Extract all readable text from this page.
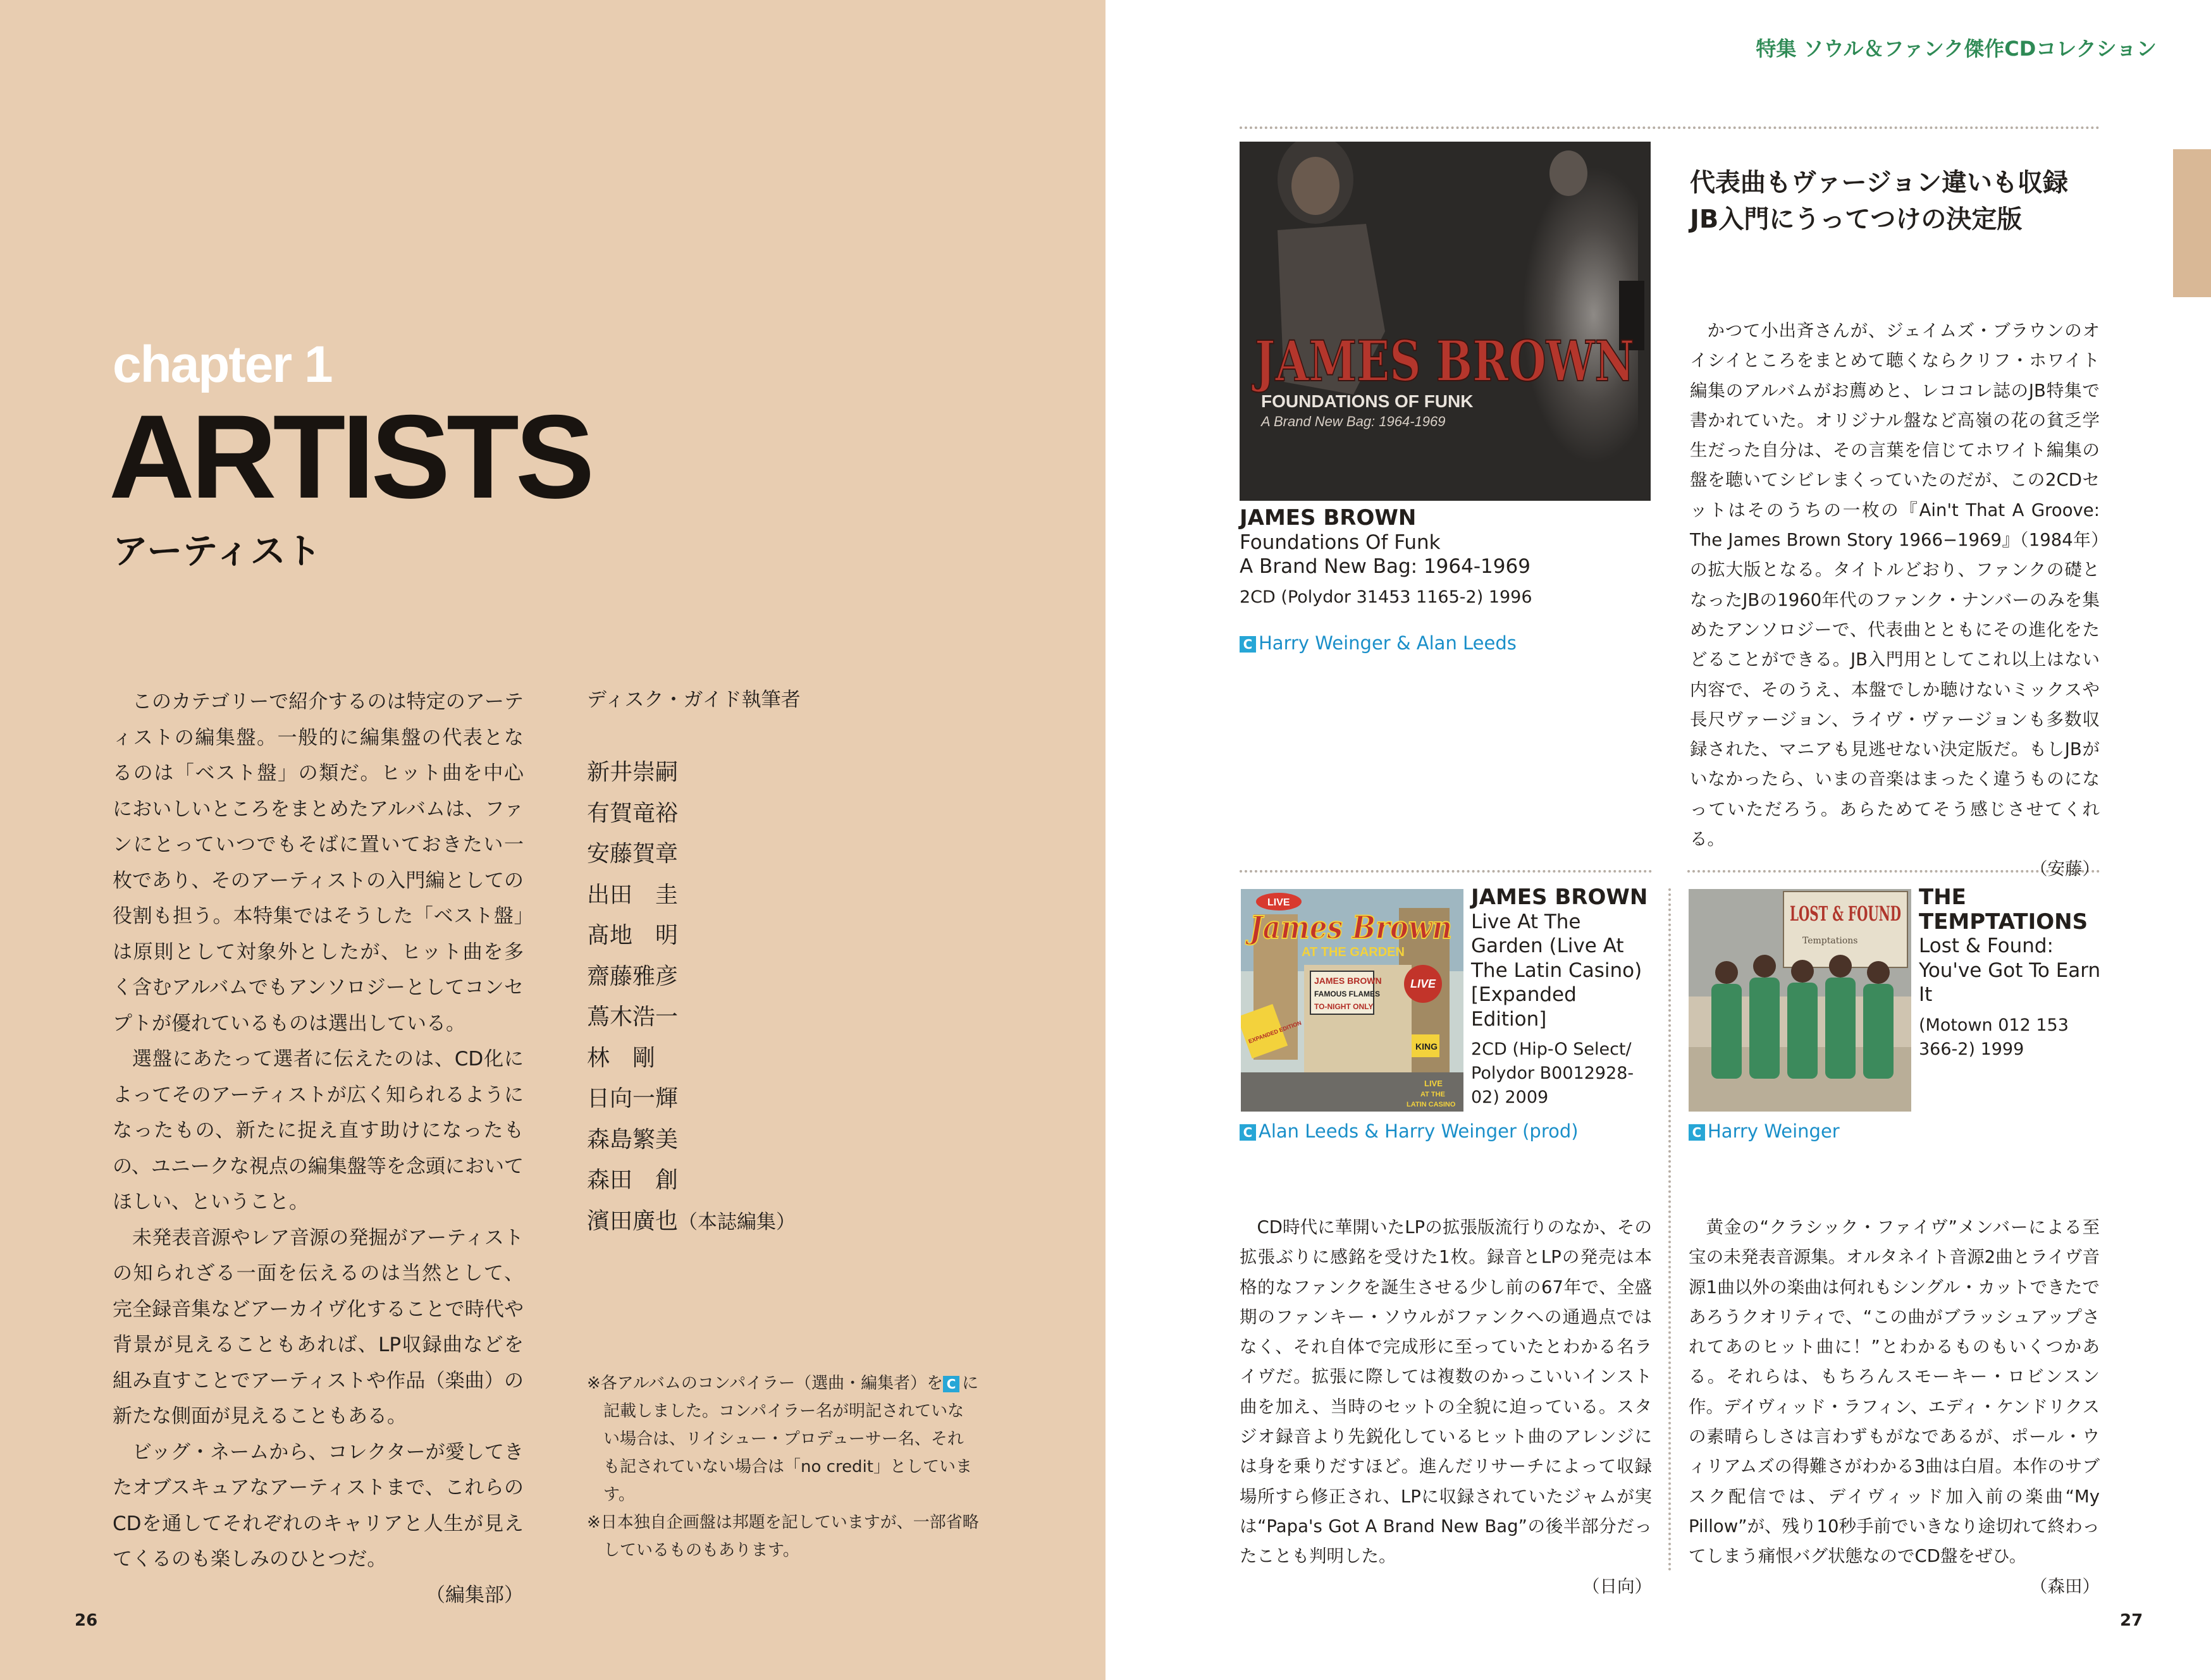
chapter 1
ARTISTS
アーティスト

このカテゴリーで紹介するのは特定のアーティストの編集盤。一般的に編集盤の代表となるのは「ベスト盤」の類だ。ヒット曲を中心においしいところをまとめたアルバムは、ファンにとっていつでもそばに置いておきたい一枚であり、そのアーティストの入門編としての役割も担う。本特集ではそうした「ベスト盤」は原則として対象外としたが、ヒット曲を多く含むアルバムでもアンソロジーとしてコンセプトが優れているものは選出している。

選盤にあたって選者に伝えたのは、CD化によってそのアーティストが広く知られるようになったもの、新たに捉え直す助けになったもの、ユニークな視点の編集盤等を念頭においてほしい、ということ。

未発表音源やレア音源の発掘がアーティストの知られざる一面を伝えるのは当然として、完全録音集などアーカイヴ化することで時代や背景が見えることもあれば、LP収録曲などを組み直すことでアーティストや作品（楽曲）の新たな側面が見えることもある。

ビッグ・ネームから、コレクターが愛してきたオブスキュアなアーティストまで、これらのCDを通してそれぞれのキャリアと人生が見えてくるのも楽しみのひとつだ。

（編集部）

ディスク・ガイド執筆者

新井崇嗣
有賀竜裕
安藤賀章
出田　圭
髙地　明
齋藤雅彦
蔦木浩一
林　剛
日向一輝
森島繁美
森田　創
濱田廣也（本誌編集）
※各アルバムのコンパイラー（選曲・編集者）を C に記載しました。コンパイラー名が明記されていない場合は、リイシュー・プロデューサー名、それも記されていない場合は「no credit」としています。
※日本独自企画盤は邦題を記していますが、一部省略しているものもあります。
26
特集 ソウル＆ファンク傑作CDコレクション
JAMES BROWN
FOUNDATIONS OF FUNK
A Brand New Bag: 1964-1969
JAMES BROWN
Foundations Of Funk
A Brand New Bag: 1964-1969
2CD (Polydor 31453 1165-2) 1996
C Harry Weinger & Alan Leeds
代表曲もヴァージョン違いも収録
JB入門にうってつけの決定版

かつて小出斉さんが、ジェイムズ・ブラウンのオイシイところをまとめて聴くならクリフ・ホワイト編集のアルバムがお薦めと、レココレ誌のJB特集で書かれていた。オリジナル盤など高嶺の花の貧乏学生だった自分は、その言葉を信じてホワイト編集の盤を聴いてシビレまくっていたのだが、この2CDセットはそのうちの一枚の『Ain't That A Groove: The James Brown Story 1966−1969』（1984年）の拡大版となる。タイトルどおり、ファンクの礎となったJBの1960年代のファンク・ナンバーのみを集めたアンソロジーで、代表曲とともにその進化をたどることができる。JB入門用としてこれ以上はない内容で、そのうえ、本盤でしか聴けないミックスや長尺ヴァージョン、ライヴ・ヴァージョンも多数収録された、マニアも見逃せない決定版だ。もしJBがいなかったら、いまの音楽はまったく違うものになっていただろう。あらためてそう感じさせてくれる。

（安藤）

LIVE
James Brown
AT THE GARDEN
JAMES BROWN
FAMOUS FLAMES
TO-NIGHT ONLY
LIVE
EXPANDED EDITION
KING
LIVE
AT THE
LATIN CASINO
JAMES BROWN
Live At The Garden (Live At The Latin Casino) [Expanded Edition]
2CD (Hip-O Select/ Polydor B0012928-02) 2009
C Alan Leeds & Harry Weinger (prod)

CD時代に華開いたLPの拡張版流行りのなか、その拡張ぶりに感銘を受けた1枚。録音とLPの発売は本格的なファンクを誕生させる少し前の67年で、全盛期のファンキー・ソウルがファンクへの通過点ではなく、それ自体で完成形に至っていたとわかる名ライヴだ。拡張に際しては複数のかっこいいインスト曲を加え、当時のセットの全貌に迫っている。スタジオ録音より先鋭化しているヒット曲のアレンジには身を乗りだすほど。進んだリサーチによって収録場所すら修正され、LPに収録されていたジャムが実は“Papa's Got A Brand New Bag”の後半部分だったことも判明した。

（日向）

LOST & FOUND
Temptations
THE
TEMPTATIONS
Lost & Found: You've Got To Earn It
(Motown 012 153 366-2) 1999
C Harry Weinger

黄金の“クラシック・ファイヴ”メンバーによる至宝の未発表音源集。オルタネイト音源2曲とライヴ音源1曲以外の楽曲は何れもシングル・カットできたであろうクオリティで、“この曲がブラッシュアップされてあのヒット曲に！”とわかるものもいくつかある。それらは、もちろんスモーキー・ロビンスン作。デイヴィッド・ラフィン、エディ・ケンドリクスの素晴らしさは言わずもがなであるが、ポール・ウィリアムズの得難さがわかる3曲は白眉。本作のサブスク配信では、デイヴィッド加入前の楽曲“My Pillow”が、残り10秒手前でいきなり途切れて終わってしまう痛恨バグ状態なのでCD盤をぜひ。

（森田）

27
